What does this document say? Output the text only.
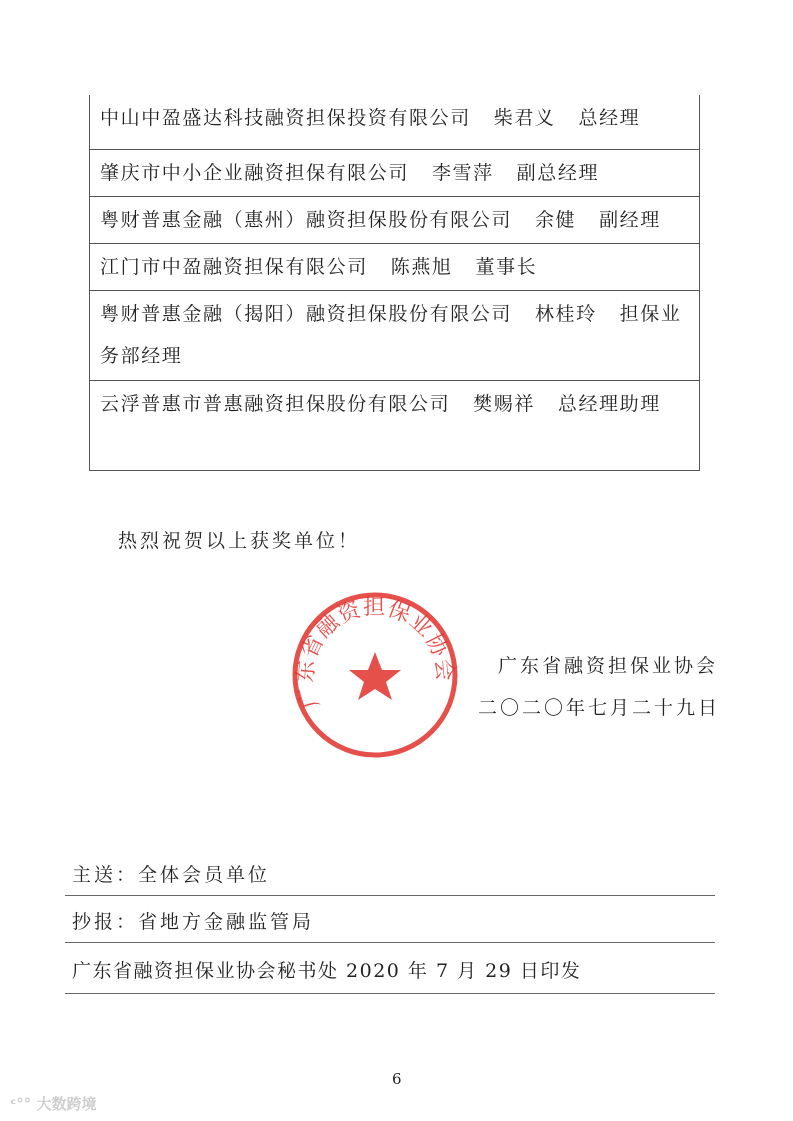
中山中盈盛达科技融资担保投资有限公司 柴君义 总经理
肇庆市中小企业融资担保有限公司 李雪萍 副总经理
粤财普惠金融（惠州）融资担保股份有限公司 余健 副经理
江门市中盈融资担保有限公司 陈燕旭 董事长
粤财普惠金融（揭阳）融资担保股份有限公司 林桂玲 担保业务部经理
云浮普惠市普惠融资担保股份有限公司 樊赐祥 总经理助理
热烈祝贺以上获奖单位！
广东省融资担保业协会 广东省融资担保业协会
二〇二〇年七月二十九日
主送：全体会员单位
抄报：省地方金融监管局
广东省融资担保业协会秘书处 2020 年 7 月 29 日印发
6
ᶜ°° 大数跨境
